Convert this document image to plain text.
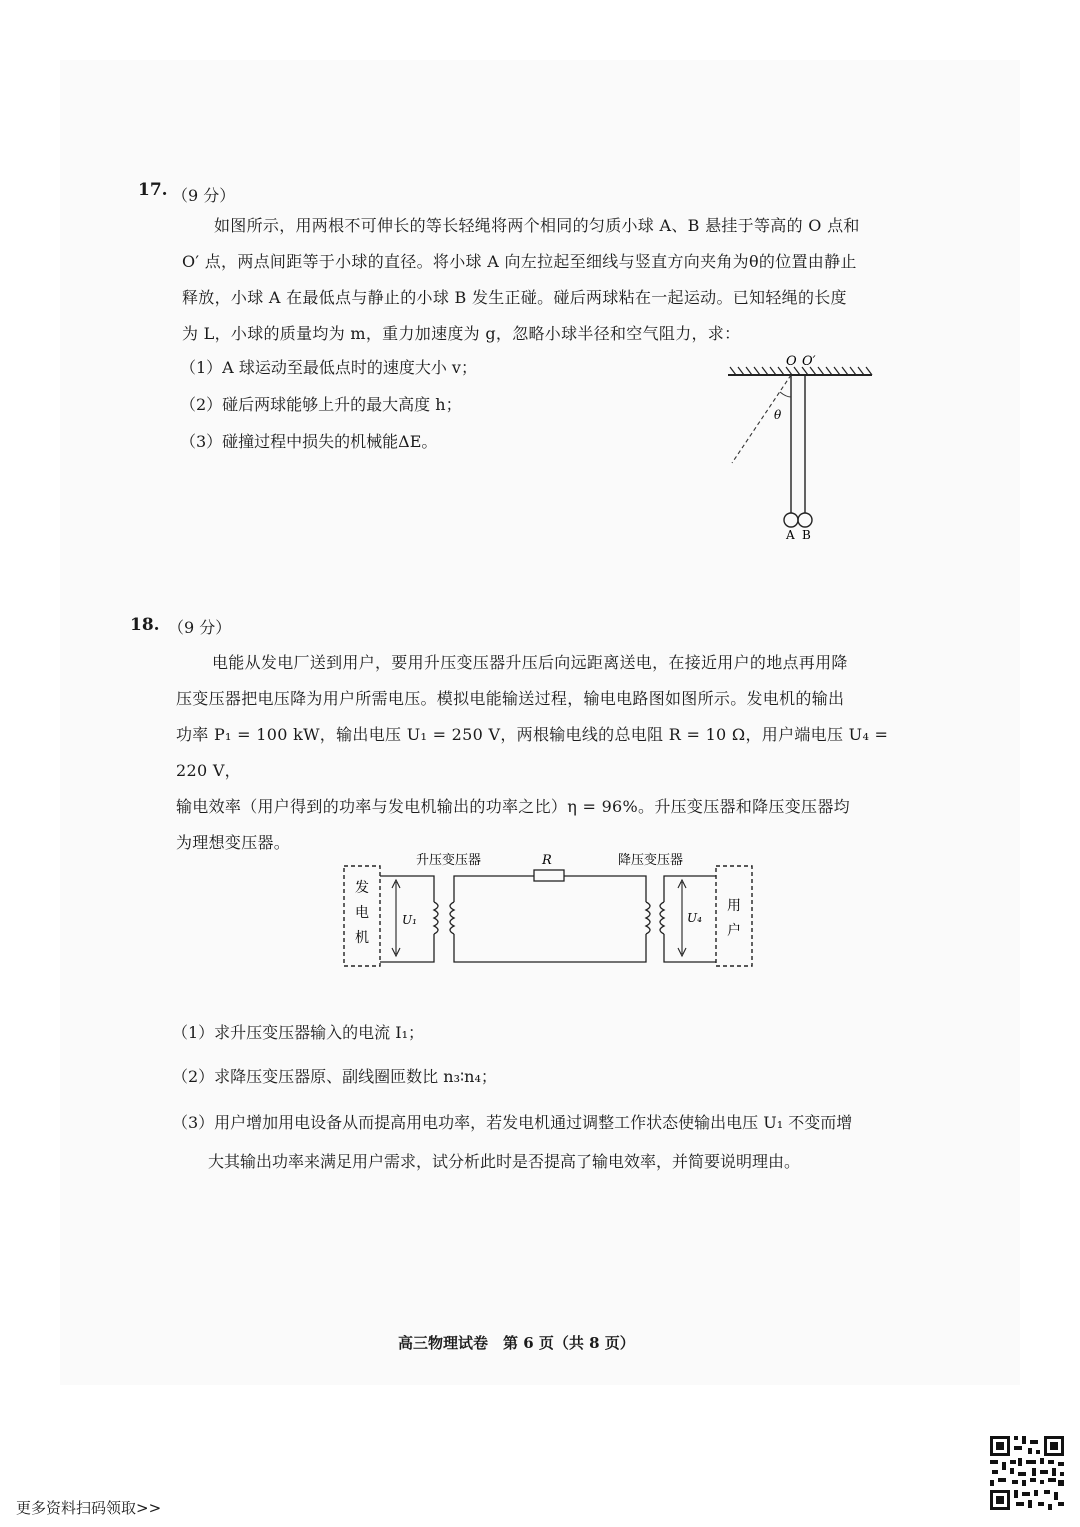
17. （9 分）
如图所示，用两根不可伸长的等长轻绳将两个相同的匀质小球 A、B 悬挂于等高的 O 点和
O′ 点，两点间距等于小球的直径。将小球 A 向左拉起至细线与竖直方向夹角为θ的位置由静止
释放，小球 A 在最低点与静止的小球 B 发生正碰。碰后两球粘在一起运动。已知轻绳的长度
为 L，小球的质量均为 m，重力加速度为 g，忽略小球半径和空气阻力，求：
（1）A 球运动至最低点时的速度大小 v；
（2）碰后两球能够上升的最大高度 h；
（3）碰撞过程中损失的机械能ΔE。
O O′
θ
A B
18. （9 分）
电能从发电厂送到用户，要用升压变压器升压后向远距离送电，在接近用户的地点再用降
压变压器把电压降为用户所需电压。模拟电能输送过程，输电电路图如图所示。发电机的输出
功率 P₁ = 100 kW，输出电压 U₁ = 250 V，两根输电线的总电阻 R = 10 Ω，用户端电压 U₄ = 220 V，
输电效率（用户得到的功率与发电机输出的功率之比）η = 96%。升压变压器和降压变压器均
为理想变压器。
升压变压器	R	降压变压器
发
电
机
U₁	U₄
用
户
（1）求升压变压器输入的电流 I₁；
（2）求降压变压器原、副线圈匝数比 n₃∶n₄；
（3）用户增加用电设备从而提高用电功率，若发电机通过调整工作状态使输出电压 U₁ 不变而增
大其输出功率来满足用户需求，试分析此时是否提高了输电效率，并简要说明理由。
高三物理试卷　第 6 页（共 8 页）
更多资料扫码领取>>
